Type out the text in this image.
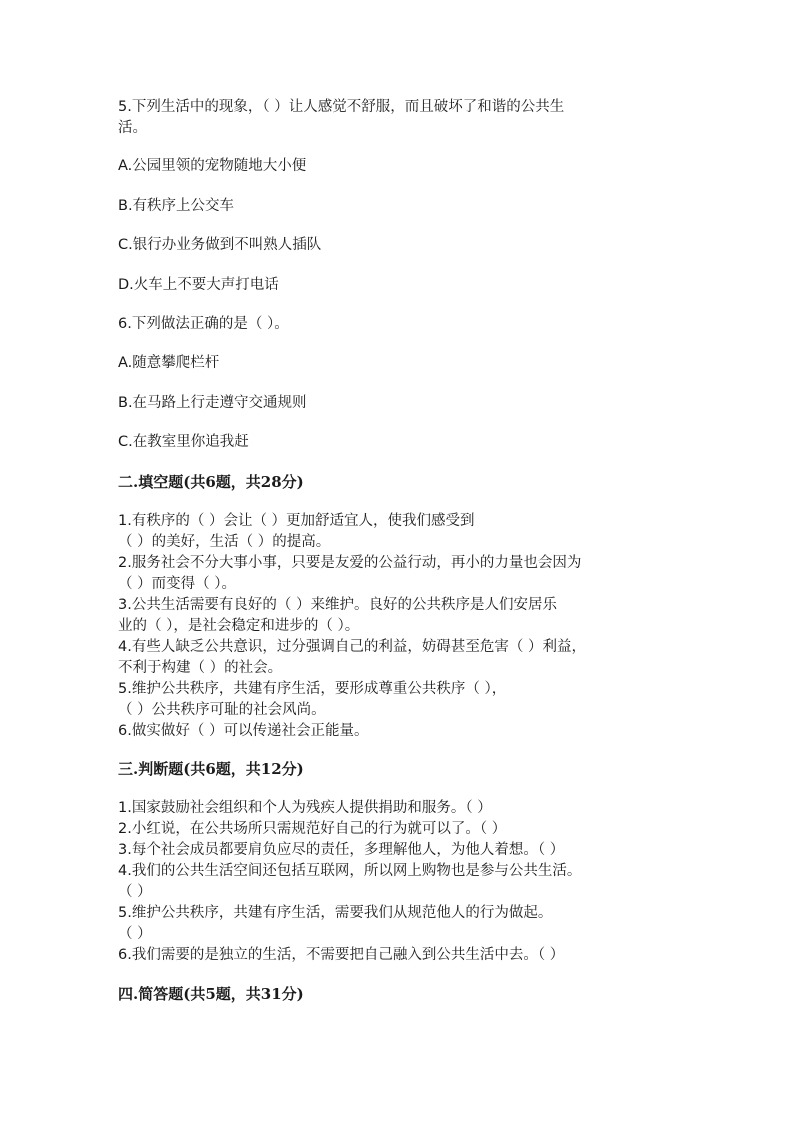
5.下列生活中的现象，（ ）让人感觉不舒服，而且破坏了和谐的公共生
活。
A.公园里领的宠物随地大小便
B.有秩序上公交车
C.银行办业务做到不叫熟人插队
D.火车上不要大声打电话
6.下列做法正确的是（ ）。
A.随意攀爬栏杆
B.在马路上行走遵守交通规则
C.在教室里你追我赶
二.填空题(共6题，共28分)
1.有秩序的（ ）会让（ ）更加舒适宜人，使我们感受到
（ ）的美好，生活（ ）的提高。
2.服务社会不分大事小事，只要是友爱的公益行动，再小的力量也会因为
（ ）而变得（ ）。
3.公共生活需要有良好的（ ）来维护。良好的公共秩序是人们安居乐
业的（ ），是社会稳定和进步的（ ）。
4.有些人缺乏公共意识，过分强调自己的利益，妨碍甚至危害（ ）利益，
不利于构建（ ）的社会。
5.维护公共秩序，共建有序生活，要形成尊重公共秩序（ ），
（ ）公共秩序可耻的社会风尚。
6.做实做好（ ）可以传递社会正能量。
三.判断题(共6题，共12分)
1.国家鼓励社会组织和个人为残疾人提供捐助和服务。（ ）
2.小红说，在公共场所只需规范好自己的行为就可以了。（ ）
3.每个社会成员都要肩负应尽的责任，多理解他人，为他人着想。（ ）
4.我们的公共生活空间还包括互联网，所以网上购物也是参与公共生活。
（ ）
5.维护公共秩序，共建有序生活，需要我们从规范他人的行为做起。
（ ）
6.我们需要的是独立的生活，不需要把自己融入到公共生活中去。（ ）
四.简答题(共5题，共31分)
